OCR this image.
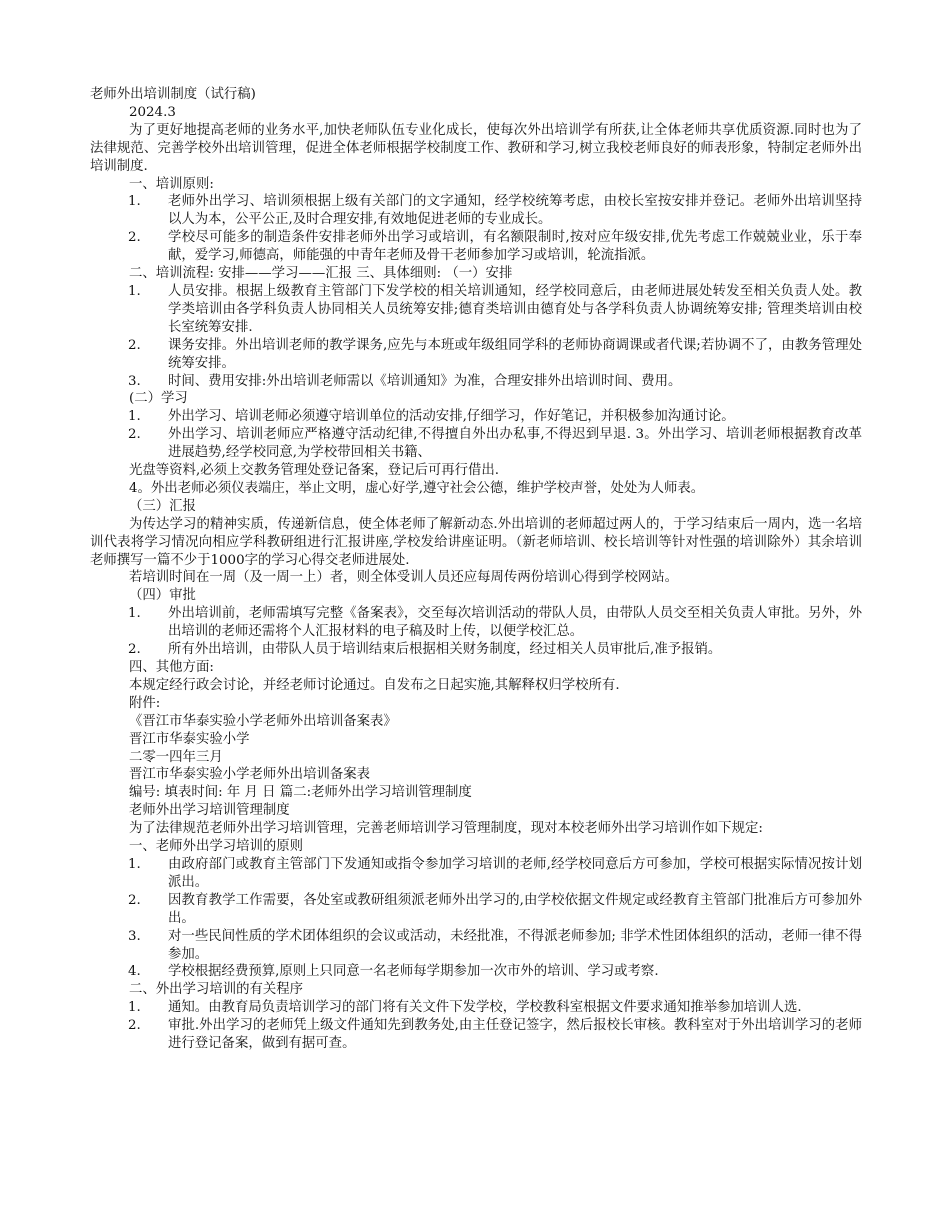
老师外出培训制度（试行稿)
2024.3
为了更好地提高老师的业务水平,加快老师队伍专业化成长，使每次外出培训学有所获,让全体老师共享优质资源.同时也为了法律规范、完善学校外出培训管理，促进全体老师根据学校制度工作、教研和学习,树立我校老师良好的师表形象，特制定老师外出培训制度.
一、培训原则:
1.	老师外出学习、培训须根据上级有关部门的文字通知，经学校统筹考虑，由校长室按安排并登记。老师外出培训坚持以人为本，公平公正,及时合理安排,有效地促进老师的专业成长。
2.	学校尽可能多的制造条件安排老师外出学习或培训，有名额限制时,按对应年级安排,优先考虑工作兢兢业业，乐于奉献，爱学习,师德高，师能强的中青年老师及骨干老师参加学习或培训，轮流指派。
二、培训流程: 安排——学习——汇报 三、具体细则: （一）安排
1.	人员安排。根据上级教育主管部门下发学校的相关培训通知，经学校同意后，由老师进展处转发至相关负责人处。教学类培训由各学科负责人协同相关人员统筹安排;德育类培训由德育处与各学科负责人协调统筹安排; 管理类培训由校长室统筹安排.
2.	课务安排。外出培训老师的教学课务,应先与本班或年级组同学科的老师协商调课或者代课;若协调不了，由教务管理处统筹安排。
3.	时间、费用安排:外出培训老师需以《培训通知》为准，合理安排外出培训时间、费用。
(二）学习
1.	外出学习、培训老师必须遵守培训单位的活动安排,仔细学习，作好笔记，并积极参加沟通讨论。
2.	外出学习、培训老师应严格遵守活动纪律,不得擅自外出办私事,不得迟到早退. 3。外出学习、培训老师根据教育改革进展趋势,经学校同意,为学校带回相关书籍、
光盘等资料,必须上交教务管理处登记备案，登记后可再行借出.
4。外出老师必须仪表端庄，举止文明，虚心好学,遵守社会公德，维护学校声誉，处处为人师表。
（三）汇报
为传达学习的精神实质，传递新信息，使全体老师了解新动态.外出培训的老师超过两人的，于学习结束后一周内，选一名培训代表将学习情况向相应学科教研组进行汇报讲座,学校发给讲座证明。（新老师培训、校长培训等针对性强的培训除外）其余培训老师撰写一篇不少于1000字的学习心得交老师进展处.
若培训时间在一周（及一周一上）者，则全体受训人员还应每周传两份培训心得到学校网站。
（四）审批
1.	外出培训前，老师需填写完整《备案表》，交至每次培训活动的带队人员，由带队人员交至相关负责人审批。另外，外出培训的老师还需将个人汇报材料的电子稿及时上传，以便学校汇总。
2.	所有外出培训，由带队人员于培训结束后根据相关财务制度，经过相关人员审批后,准予报销。
四、其他方面:
本规定经行政会讨论，并经老师讨论通过。自发布之日起实施,其解释权归学校所有.
附件:
《晋江市华泰实验小学老师外出培训备案表》
晋江市华泰实验小学
二零一四年三月
晋江市华泰实验小学老师外出培训备案表
编号: 填表时间: 年 月 日 篇二:老师外出学习培训管理制度
老师外出学习培训管理制度
为了法律规范老师外出学习培训管理，完善老师培训学习管理制度，现对本校老师外出学习培训作如下规定:
一、老师外出学习培训的原则
1.	由政府部门或教育主管部门下发通知或指令参加学习培训的老师,经学校同意后方可参加，学校可根据实际情况按计划派出。
2.	因教育教学工作需要，各处室或教研组须派老师外出学习的,由学校依据文件规定或经教育主管部门批准后方可参加外出。
3.	对一些民间性质的学术团体组织的会议或活动，未经批准，不得派老师参加; 非学术性团体组织的活动，老师一律不得参加。
4.	学校根据经费预算,原则上只同意一名老师每学期参加一次市外的培训、学习或考察.
二、外出学习培训的有关程序
1.	通知。由教育局负责培训学习的部门将有关文件下发学校，学校教科室根据文件要求通知推举参加培训人选.
2.	审批.外出学习的老师凭上级文件通知先到教务处,由主任登记签字，然后报校长审核。教科室对于外出培训学习的老师进行登记备案，做到有据可查。
